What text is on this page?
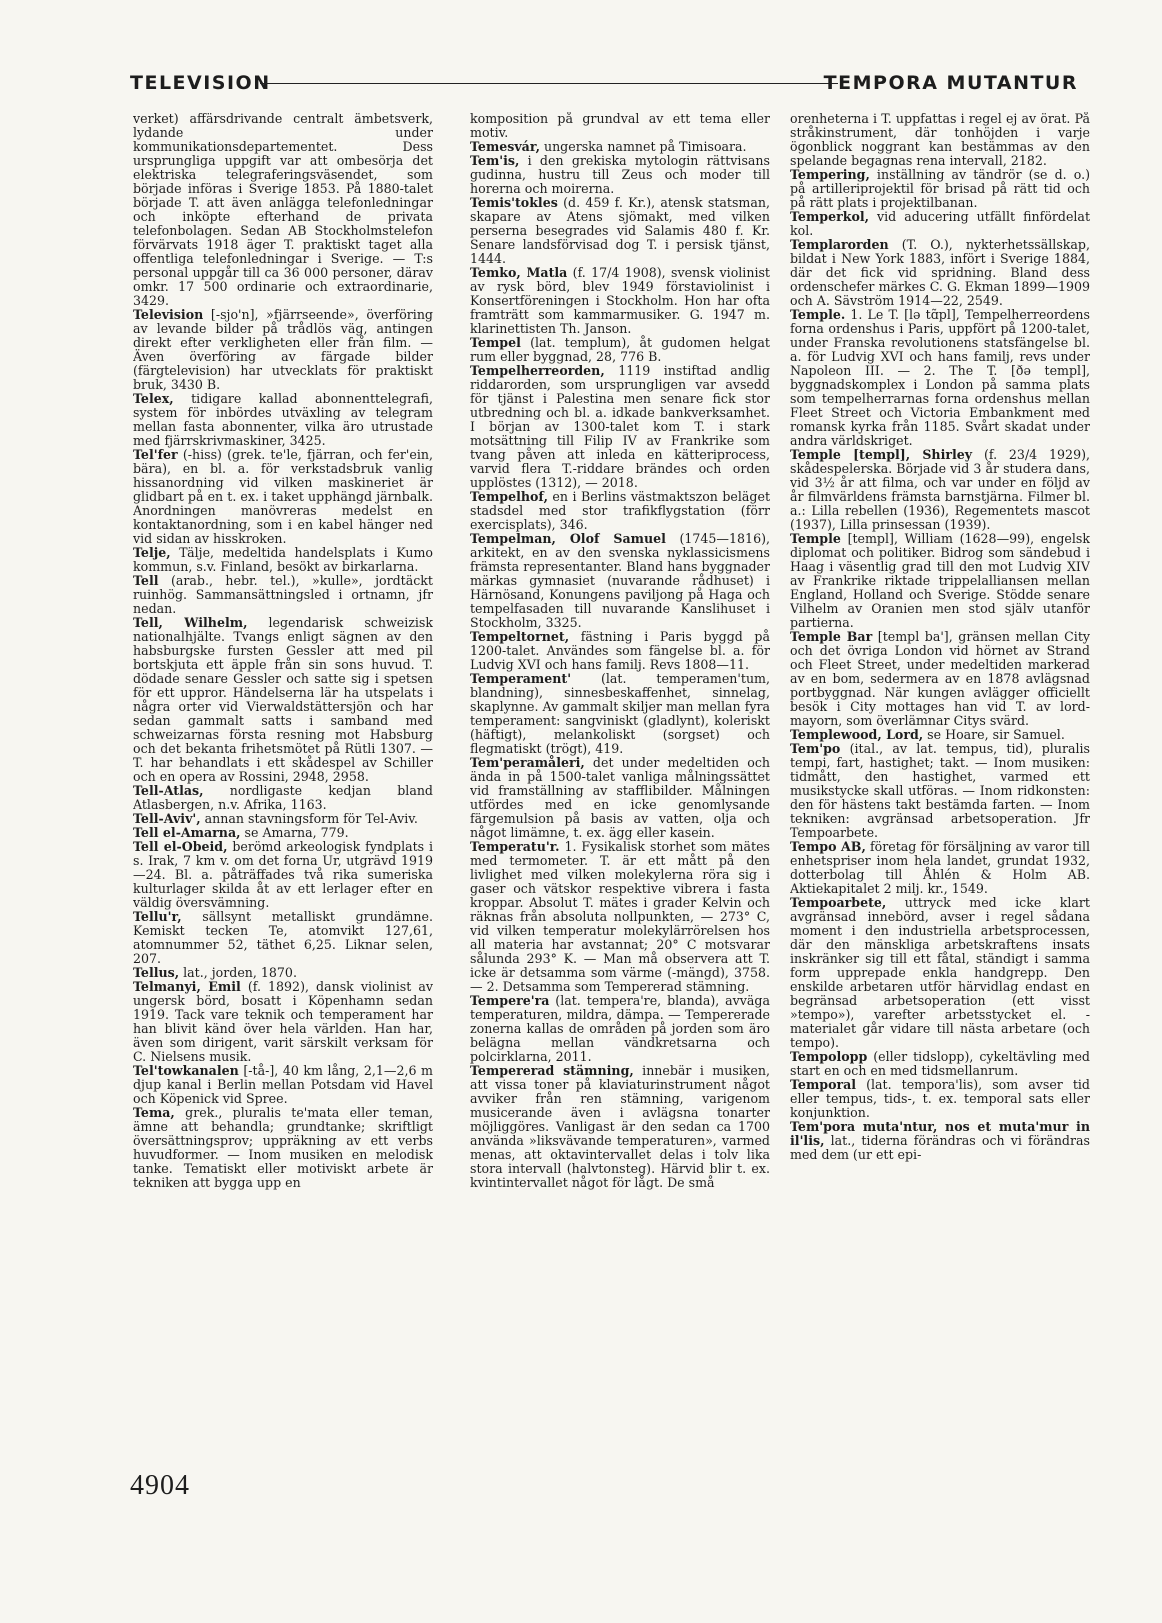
TELEVISION	TEMPORA MUTANTUR

verket) affärsdrivande centralt ämbetsverk, lydande under kommunikationsdepartementet. Dess ursprungliga uppgift var att ombesörja det elektriska telegraferingsväsendet, som började införas i Sverige 1853. På 1880-talet började T. att även anlägga telefonledningar och inköpte efterhand de privata telefonbolagen. Sedan AB Stockholmstelefon förvärvats 1918 äger T. praktiskt taget alla offentliga telefonledningar i Sverige. — T:s personal uppgår till ca 36 000 personer, därav omkr. 17 500 ordinarie och extraordinarie, 3429.

Television [-sjo'n], »fjärrseende», överföring av levande bilder på trådlös väg, antingen direkt efter verkligheten eller från film. — Även överföring av färgade bilder (färgtelevision) har utvecklats för praktiskt bruk, 3430 B.

Telex, tidigare kallad abonnenttelegrafi, system för inbördes utväxling av telegram mellan fasta abonnenter, vilka äro utrustade med fjärrskrivmaskiner, 3425.

Tel'fer (-hiss) (grek. te'le, fjärran, och fer'ein, bära), en bl. a. för verkstadsbruk vanlig hissanordning vid vilken maskineriet är glidbart på en t. ex. i taket upphängd järnbalk. Anordningen manövreras medelst en kontaktanordning, som i en kabel hänger ned vid sidan av hisskroken.

Telje, Tälje, medeltida handelsplats i Kumo kommun, s.v. Finland, besökt av birkarlarna.

Tell (arab., hebr. tel.), »kulle», jordtäckt ruinhög. Sammansättningsled i ortnamn, jfr nedan.

Tell, Wilhelm, legendarisk schweizisk nationalhjälte. Tvangs enligt sägnen av den habsburgske fursten Gessler att med pil bortskjuta ett äpple från sin sons huvud. T. dödade senare Gessler och satte sig i spetsen för ett uppror. Händelserna lär ha utspelats i några orter vid Vierwaldstättersjön och har sedan gammalt satts i samband med schweizarnas första resning mot Habsburg och det bekanta frihetsmötet på Rütli 1307. — T. har behandlats i ett skådespel av Schiller och en opera av Rossini, 2948, 2958.

Tell-Atlas, nordligaste kedjan bland Atlasbergen, n.v. Afrika, 1163.

Tell-Aviv', annan stavningsform för Tel-Aviv.

Tell el-Amarna, se Amarna, 779.

Tell el-Obeid, berömd arkeologisk fyndplats i s. Irak, 7 km v. om det forna Ur, utgrävd 1919—24. Bl. a. påträffades två rika sumeriska kulturlager skilda åt av ett lerlager efter en väldig översvämning.

Tellu'r, sällsynt metalliskt grundämne. Kemiskt tecken Te, atomvikt 127,61, atomnummer 52, täthet 6,25. Liknar selen, 207.

Tellus, lat., jorden, 1870.

Telmanyi, Emil (f. 1892), dansk violinist av ungersk börd, bosatt i Köpenhamn sedan 1919. Tack vare teknik och temperament har han blivit känd över hela världen. Han har, även som dirigent, varit särskilt verksam för C. Nielsens musik.

Tel'towkanalen [-tå-], 40 km lång, 2,1—2,6 m djup kanal i Berlin mellan Potsdam vid Havel och Köpenick vid Spree.

Tema, grek., pluralis te'mata eller teman, ämne att behandla; grundtanke; skriftligt översättningsprov; uppräkning av ett verbs huvudformer. — Inom musiken en melodisk tanke. Tematiskt eller motiviskt arbete är tekniken att bygga upp en

komposition på grundval av ett tema eller motiv.

Temesvár, ungerska namnet på Timisoara.

Tem'is, i den grekiska mytologin rättvisans gudinna, hustru till Zeus och moder till horerna och moirerna.

Temis'tokles (d. 459 f. Kr.), atensk statsman, skapare av Atens sjömakt, med vilken perserna besegrades vid Salamis 480 f. Kr. Senare landsförvisad dog T. i persisk tjänst, 1444.

Temko, Matla (f. 17/4 1908), svensk violinist av rysk börd, blev 1949 förstaviolinist i Konsertföreningen i Stockholm. Hon har ofta framträtt som kammarmusiker. G. 1947 m. klarinettisten Th. Janson.

Tempel (lat. templum), åt gudomen helgat rum eller byggnad, 28, 776 B.

Tempelherreorden, 1119 instiftad andlig riddarorden, som ursprungligen var avsedd för tjänst i Palestina men senare fick stor utbredning och bl. a. idkade bankverksamhet. I början av 1300-talet kom T. i stark motsättning till Filip IV av Frankrike som tvang påven att inleda en kätteriprocess, varvid flera T.-riddare brändes och orden upplöstes (1312), — 2018.

Tempelhof, en i Berlins västmaktszon beläget stadsdel med stor trafikflygstation (förr exercisplats), 346.

Tempelman, Olof Samuel (1745—1816), arkitekt, en av den svenska nyklassicismens främsta representanter. Bland hans byggnader märkas gymnasiet (nuvarande rådhuset) i Härnösand, Konungens paviljong på Haga och tempelfasaden till nuvarande Kanslihuset i Stockholm, 3325.

Tempeltornet, fästning i Paris byggd på 1200-talet. Användes som fängelse bl. a. för Ludvig XVI och hans familj. Revs 1808—11.

Temperament' (lat. temperamen'tum, blandning), sinnesbeskaffenhet, sinnelag, skaplynne. Av gammalt skiljer man mellan fyra temperament: sangviniskt (gladlynt), koleriskt (häftigt), melankoliskt (sorgset) och flegmatiskt (trögt), 419.

Tem'peramåleri, det under medeltiden och ända in på 1500-talet vanliga målningssättet vid framställning av stafflibilder. Målningen utfördes med en icke genomlysande färgemulsion på basis av vatten, olja och något limämne, t. ex. ägg eller kasein.

Temperatu'r. 1. Fysikalisk storhet som mätes med termometer. T. är ett mått på den livlighet med vilken molekylerna röra sig i gaser och vätskor respektive vibrera i fasta kroppar. Absolut T. mätes i grader Kelvin och räknas från absoluta nollpunkten, — 273° C, vid vilken temperatur molekylärrörelsen hos all materia har avstannat; 20° C motsvarar sålunda 293° K. — Man må observera att T. icke är detsamma som värme (-mängd), 3758. — 2. Detsamma som Tempererad stämning.

Tempere'ra (lat. tempera're, blanda), avväga temperaturen, mildra, dämpa. — Tempererade zonerna kallas de områden på jorden som äro belägna mellan vändkretsarna och polcirklarna, 2011.

Tempererad stämning, innebär i musiken, att vissa toner på klaviaturinstrument något avviker från ren stämning, varigenom musicerande även i avlägsna tonarter möjliggöres. Vanligast är den sedan ca 1700 använda »liksvävande temperaturen», varmed menas, att oktavintervallet delas i tolv lika stora intervall (halvtonsteg). Härvid blir t. ex. kvintintervallet något för lågt. De små

orenheterna i T. uppfattas i regel ej av örat. På stråkinstrument, där tonhöjden i varje ögonblick noggrant kan bestämmas av den spelande begagnas rena intervall, 2182.

Tempering, inställning av tändrör (se d. o.) på artilleriprojektil för brisad på rätt tid och på rätt plats i projektilbanan.

Temperkol, vid aducering utfällt finfördelat kol.

Templarorden (T. O.), nykterhetssällskap, bildat i New York 1883, infört i Sverige 1884, där det fick vid spridning. Bland dess ordenschefer märkes C. G. Ekman 1899—1909 och A. Sävström 1914—22, 2549.

Temple. 1. Le T. [lə tɑ̃pl], Tempelherreordens forna ordenshus i Paris, uppfört på 1200-talet, under Franska revolutionens statsfängelse bl. a. för Ludvig XVI och hans familj, revs under Napoleon III. — 2. The T. [ðə templ], byggnadskomplex i London på samma plats som tempelherrarnas forna ordenshus mellan Fleet Street och Victoria Embankment med romansk kyrka från 1185. Svårt skadat under andra världskriget.

Temple [templ], Shirley (f. 23/4 1929), skådespelerska. Började vid 3 år studera dans, vid 3½ år att filma, och var under en följd av år filmvärldens främsta barnstjärna. Filmer bl. a.: Lilla rebellen (1936), Regementets mascot (1937), Lilla prinsessan (1939).

Temple [templ], William (1628—99), engelsk diplomat och politiker. Bidrog som sändebud i Haag i väsentlig grad till den mot Ludvig XIV av Frankrike riktade trippelalliansen mellan England, Holland och Sverige. Stödde senare Vilhelm av Oranien men stod själv utanför partierna.

Temple Bar [templ ba'], gränsen mellan City och det övriga London vid hörnet av Strand och Fleet Street, under medeltiden markerad av en bom, sedermera av en 1878 avlägsnad portbyggnad. När kungen avlägger officiellt besök i City mottages han vid T. av lord-mayorn, som överlämnar Citys svärd.

Templewood, Lord, se Hoare, sir Samuel.

Tem'po (ital., av lat. tempus, tid), pluralis tempi, fart, hastighet; takt. — Inom musiken: tidmått, den hastighet, varmed ett musikstycke skall utföras. — Inom ridkonsten: den för hästens takt bestämda farten. — Inom tekniken: avgränsad arbetsoperation. Jfr Tempoarbete.

Tempo AB, företag för försäljning av varor till enhetspriser inom hela landet, grundat 1932, dotterbolag till Åhlén & Holm AB. Aktiekapitalet 2 milj. kr., 1549.

Tempoarbete, uttryck med icke klart avgränsad innebörd, avser i regel sådana moment i den industriella arbetsprocessen, där den mänskliga arbetskraftens insats inskränker sig till ett fåtal, ständigt i samma form upprepade enkla handgrepp. Den enskilde arbetaren utför härvidlag endast en begränsad arbetsoperation (ett visst »tempo»), varefter arbetsstycket el. -materialet går vidare till nästa arbetare (och tempo).

Tempolopp (eller tidslopp), cykeltävling med start en och en med tidsmellanrum.

Temporal (lat. tempora'lis), som avser tid eller tempus, tids-, t. ex. temporal sats eller konjunktion.

Tem'pora muta'ntur, nos et muta'mur in il'lis, lat., tiderna förändras och vi förändras med dem (ur ett epi-

4904
